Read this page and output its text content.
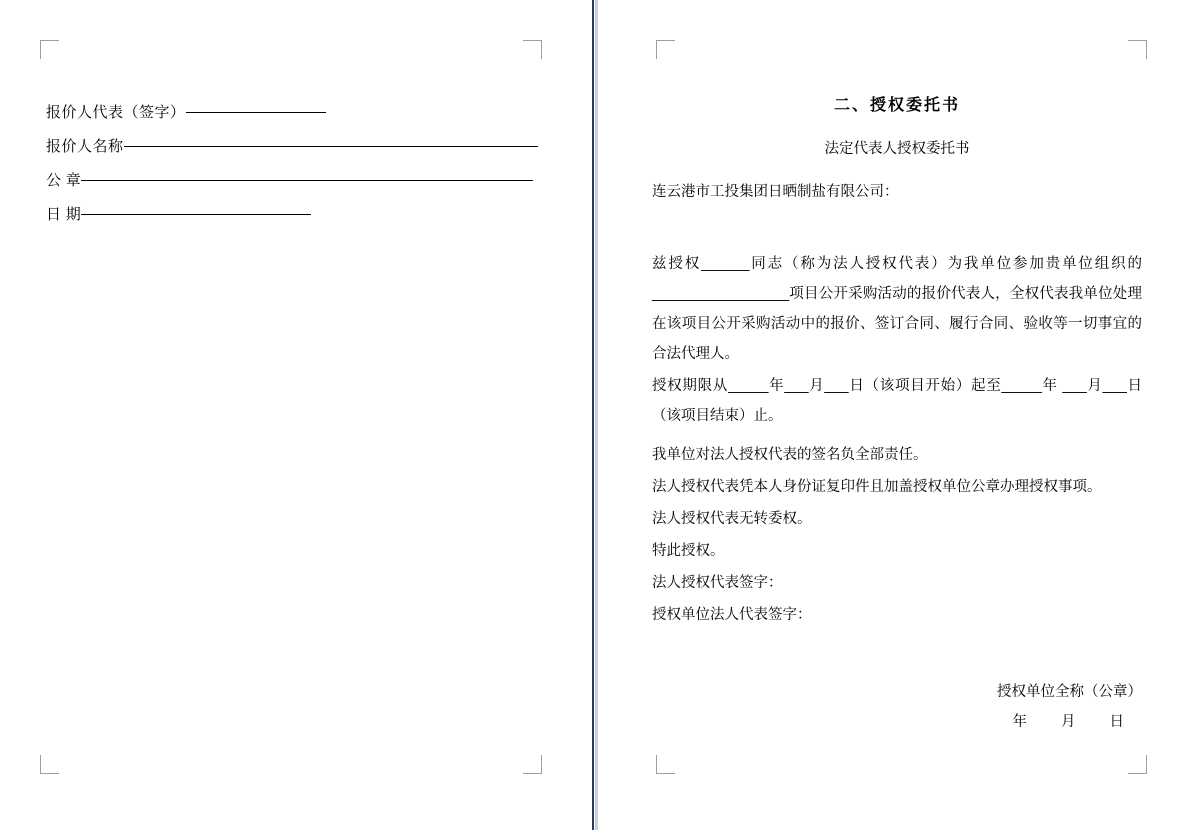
报价人代表（签字）
报价人名称
公 章
日 期
二、授权委托书
法定代表人授权委托书
连云港市工投集团日晒制盐有限公司：

兹授权______同志（称为法人授权代表）为我单位参加贵单位组织的_________________项目公开采购活动的报价代表人，全权代表我单位处理在该项目公开采购活动中的报价、签订合同、履行合同、验收等一切事宜的合法代理人。

授权期限从_____年___月___日（该项目开始）起至_____年 ___月___日（该项目结束）止。

我单位对法人授权代表的签名负全部责任。

法人授权代表凭本人身份证复印件且加盖授权单位公章办理授权事项。

法人授权代表无转委权。

特此授权。

法人授权代表签字：

授权单位法人代表签字：

授权单位全称（公章）
年 月 日
